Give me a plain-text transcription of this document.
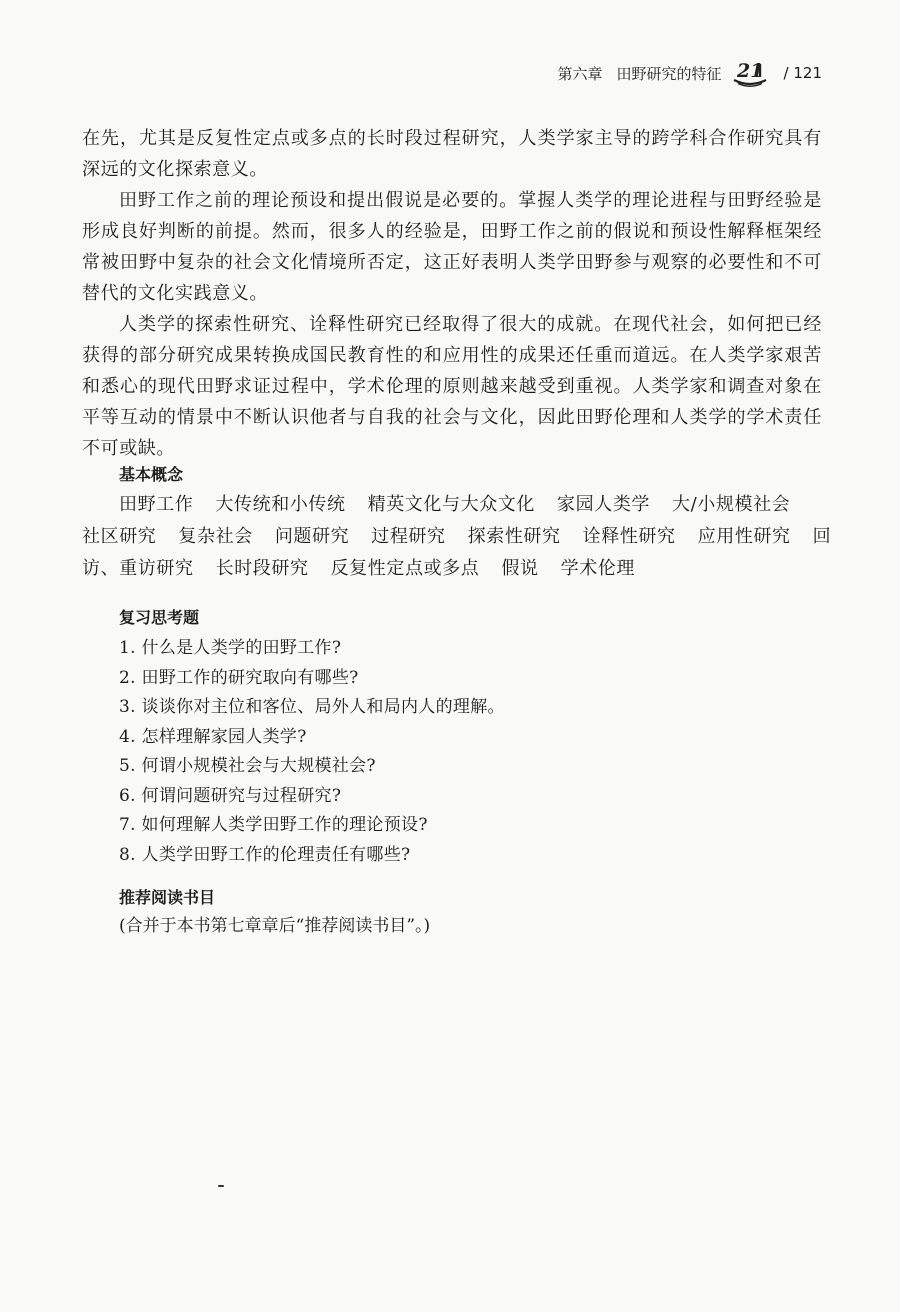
第六章 田野研究的特征 21 / 121

在先，尤其是反复性定点或多点的长时段过程研究，人类学家主导的跨学科合作研究具有深远的文化探索意义。

田野工作之前的理论预设和提出假说是必要的。掌握人类学的理论进程与田野经验是形成良好判断的前提。然而，很多人的经验是，田野工作之前的假说和预设性解释框架经常被田野中复杂的社会文化情境所否定，这正好表明人类学田野参与观察的必要性和不可替代的文化实践意义。

人类学的探索性研究、诠释性研究已经取得了很大的成就。在现代社会，如何把已经获得的部分研究成果转换成国民教育性的和应用性的成果还任重而道远。在人类学家艰苦和悉心的现代田野求证过程中，学术伦理的原则越来越受到重视。人类学家和调查对象在平等互动的情景中不断认识他者与自我的社会与文化，因此田野伦理和人类学的学术责任不可或缺。

基本概念

田野工作 大传统和小传统 精英文化与大众文化 家园人类学 大/小规模社会
社区研究 复杂社会 问题研究 过程研究 探索性研究 诠释性研究 应用性研究 回
访、重访研究 长时段研究 反复性定点或多点 假说 学术伦理

复习思考题

1. 什么是人类学的田野工作?
2. 田野工作的研究取向有哪些?
3. 谈谈你对主位和客位、局外人和局内人的理解。
4. 怎样理解家园人类学?
5. 何谓小规模社会与大规模社会?
6. 何谓问题研究与过程研究?
7. 如何理解人类学田野工作的理论预设?
8. 人类学田野工作的伦理责任有哪些?

推荐阅读书目

(合并于本书第七章章后“推荐阅读书目”。)
